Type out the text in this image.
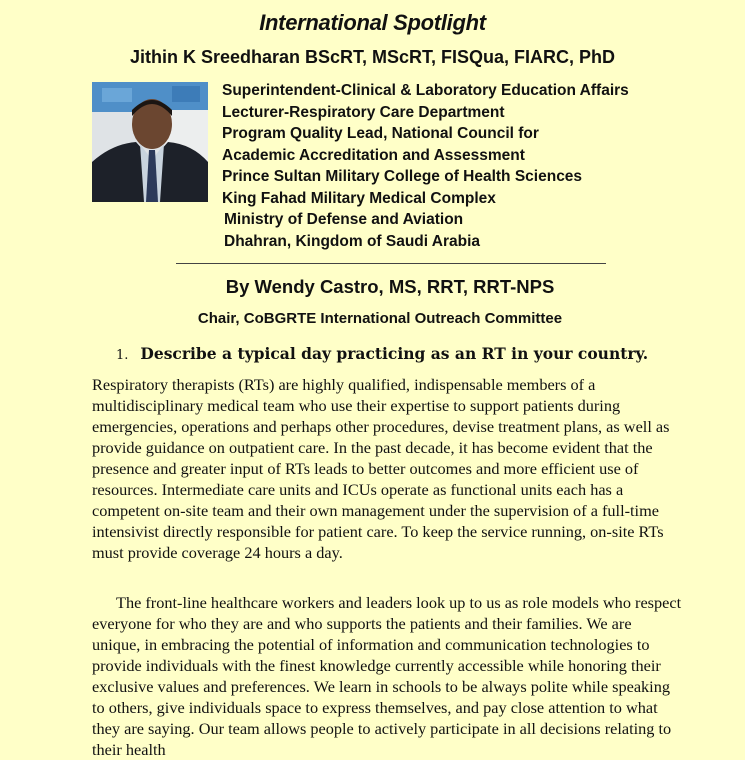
International Spotlight
Jithin K Sreedharan BScRT, MScRT, FISQua, FIARC, PhD
Superintendent-Clinical & Laboratory Education Affairs
Lecturer-Respiratory Care Department
Program Quality Lead, National Council for
Academic Accreditation and Assessment
Prince Sultan Military College of Health Sciences
King Fahad Military Medical Complex
Ministry of Defense and Aviation
Dhahran, Kingdom of Saudi Arabia
By Wendy Castro, MS, RRT, RRT-NPS
Chair, CoBGRTE International Outreach Committee
1. Describe a typical day practicing as an RT in your country.

Respiratory therapists (RTs) are highly qualified, indispensable members of a multidisciplinary medical team who use their expertise to support patients during emergencies, operations and perhaps other procedures, devise treatment plans, as well as provide guidance on outpatient care. In the past decade, it has become evident that the presence and greater input of RTs leads to better outcomes and more efficient use of resources. Intermediate care units and ICUs operate as functional units each has a competent on-site team and their own management under the supervision of a full-time intensivist directly responsible for patient care. To keep the service running, on-site RTs must provide coverage 24 hours a day.

The front-line healthcare workers and leaders look up to us as role models who respect everyone for who they are and who supports the patients and their families. We are unique, in embracing the potential of information and communication technologies to provide individuals with the finest knowledge currently accessible while honoring their exclusive values and preferences. We learn in schools to be always polite while speaking to others, give individuals space to express themselves, and pay close attention to what they are saying. Our team allows people to actively participate in all decisions relating to their health
